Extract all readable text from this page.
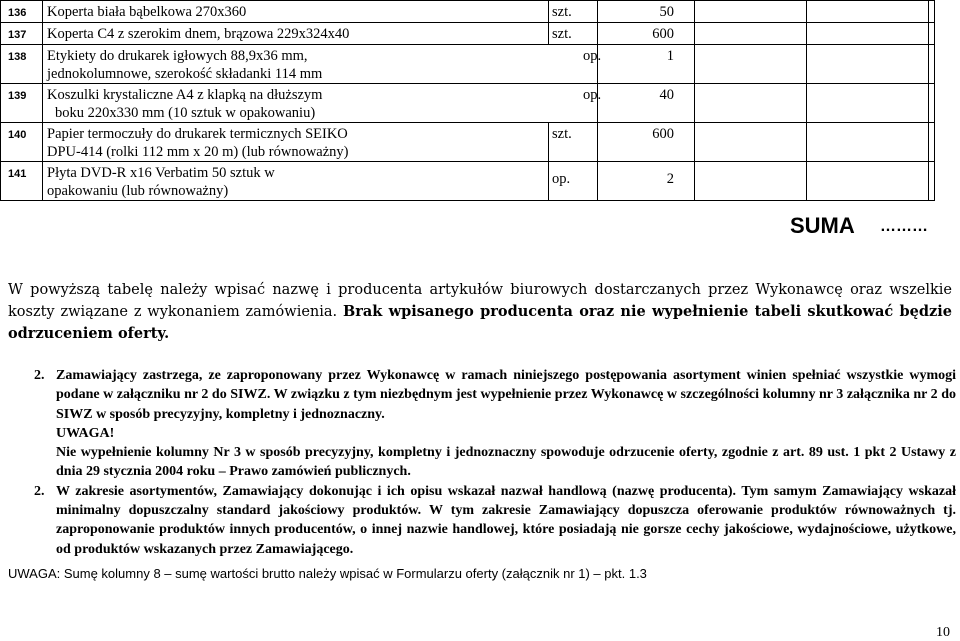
136	Koperta biała bąbelkowa 270x360	szt.	50			
137	Koperta C4 z szerokim dnem, brązowa 229x324x40	szt.	600			
138	Etykiety do drukarek igłowych 88,9x36 mm,
jednokolumnowe, szerokość składanki 114 mm
op.		1			
139	Koszulki krystaliczne A4 z klapką na dłuższym
boku 220x330 mm (10 sztuk w opakowaniu)
op.		40			
140	Papier termoczuły do drukarek termicznych SEIKO
DPU-414 (rolki 112 mm x 20 m) (lub równoważny)	szt.	600			
141	Płyta DVD-R x16 Verbatim 50 sztuk w
opakowaniu (lub równoważny)	op.	2			
SUMA ………
W powyższą tabelę należy wpisać nazwę i producenta artykułów biurowych dostarczanych przez Wykonawcę oraz wszelkie koszty związane z wykonaniem zamówienia. Brak wpisanego producenta oraz nie wypełnienie tabeli skutkować będzie odrzuceniem oferty.
2. Zamawiający zastrzega, ze zaproponowany przez Wykonawcę w ramach niniejszego postępowania asortyment winien spełniać wszystkie wymogi podane w załączniku nr 2 do SIWZ. W związku z tym niezbędnym jest wypełnienie przez Wykonawcę w szczególności kolumny nr 3 załącznika nr 2 do SIWZ w sposób precyzyjny, kompletny i jednoznaczny.
UWAGA!
Nie wypełnienie kolumny Nr 3 w sposób precyzyjny, kompletny i jednoznaczny spowoduje odrzucenie oferty, zgodnie z art. 89 ust. 1 pkt 2 Ustawy z dnia 29 stycznia 2004 roku – Prawo zamówień publicznych.
2. W zakresie asortymentów, Zamawiający dokonując i ich opisu wskazał nazwał handlową (nazwę producenta). Tym samym Zamawiający wskazał minimalny dopuszczalny standard jakościowy produktów. W tym zakresie Zamawiający dopuszcza oferowanie produktów równoważnych tj. zaproponowanie produktów innych producentów, o innej nazwie handlowej, które posiadają nie gorsze cechy jakościowe, wydajnościowe, użytkowe, od produktów wskazanych przez Zamawiającego.
UWAGA: Sumę kolumny 8 – sumę wartości brutto należy wpisać w Formularzu oferty (załącznik nr 1) – pkt. 1.3
10
